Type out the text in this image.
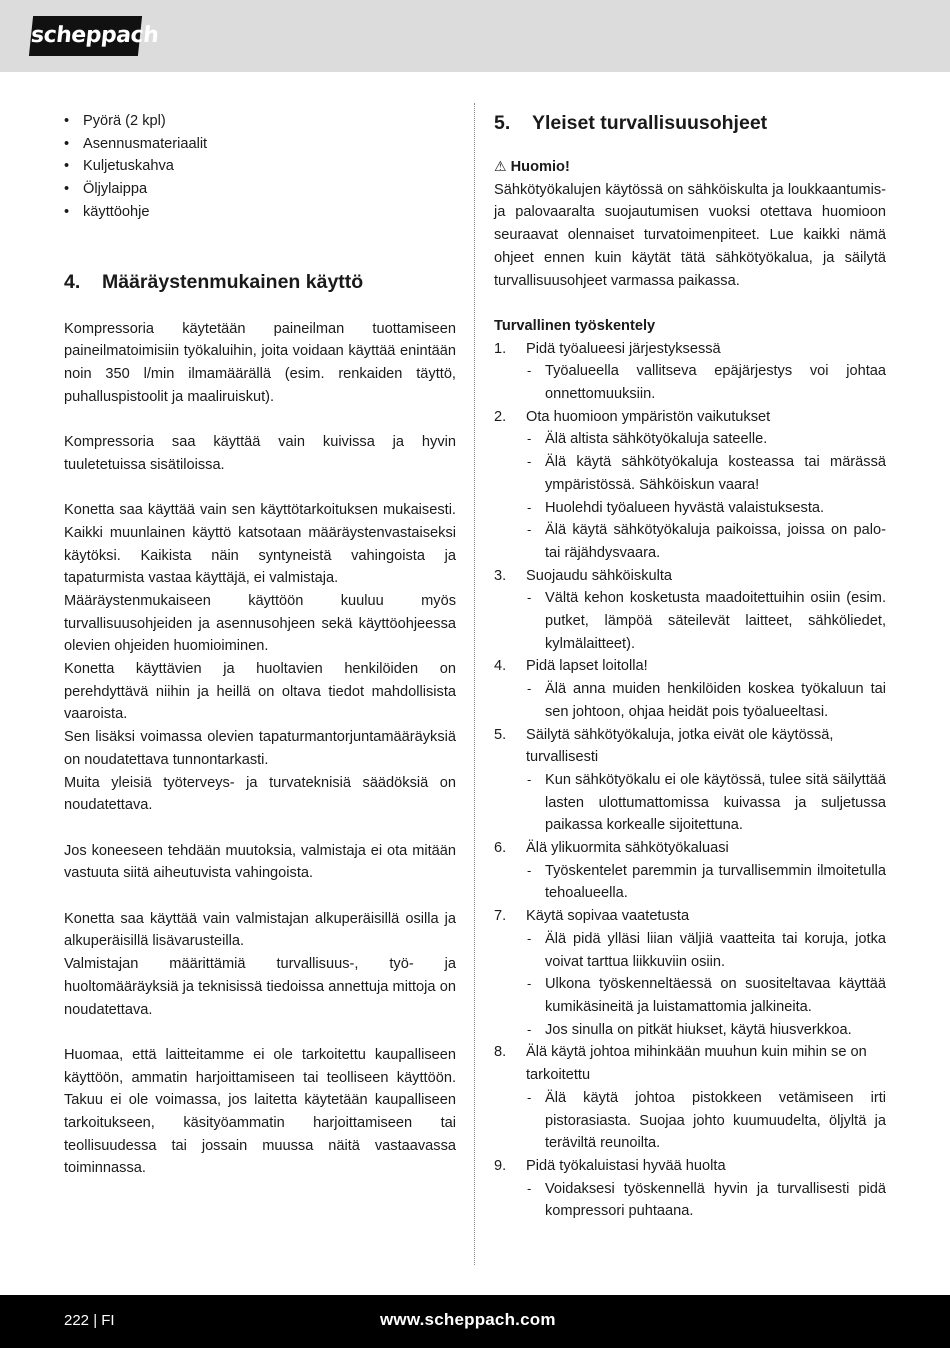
scheppach
• Pyörä (2 kpl)
• Asennusmateriaalit
• Kuljetuskahva
• Öljylaippa
• käyttöohje
4. Määräystenmukainen käyttö

Kompressoria käytetään paineilman tuottamiseen paineilmatoimisiin työkaluihin, joita voidaan käyttää enintään noin 350 l/min ilmamäärällä (esim. renkaiden täyttö, puhalluspistoolit ja maaliruiskut).

Kompressoria saa käyttää vain kuivissa ja hyvin tuuletetuissa sisätiloissa.

Konetta saa käyttää vain sen käyttötarkoituksen mukaisesti. Kaikki muunlainen käyttö katsotaan määräystenvastaiseksi käytöksi. Kaikista näin syntyneistä vahingoista ja tapaturmista vastaa käyttäjä, ei valmistaja.

Määräystenmukaiseen käyttöön kuuluu myös turvallisuusohjeiden ja asennusohjeen sekä käyttöohjeessa olevien ohjeiden huomioiminen.

Konetta käyttävien ja huoltavien henkilöiden on perehdyttävä niihin ja heillä on oltava tiedot mahdollisista vaaroista.

Sen lisäksi voimassa olevien tapaturmantorjuntamääräyksiä on noudatettava tunnontarkasti.

Muita yleisiä työterveys- ja turvateknisiä säädöksiä on noudatettava.

Jos koneeseen tehdään muutoksia, valmistaja ei ota mitään vastuuta siitä aiheutuvista vahingoista.

Konetta saa käyttää vain valmistajan alkuperäisillä osilla ja alkuperäisillä lisävarusteilla.

Valmistajan määrittämiä turvallisuus-, työ- ja huoltomääräyksiä ja teknisissä tiedoissa annettuja mittoja on noudatettava.

Huomaa, että laitteitamme ei ole tarkoitettu kaupalliseen käyttöön, ammatin harjoittamiseen tai teolliseen käyttöön. Takuu ei ole voimassa, jos laitetta käytetään kaupalliseen tarkoitukseen, käsityöammatin harjoittamiseen tai teollisuudessa tai jossain muussa näitä vastaavassa toiminnassa.

5. Yleiset turvallisuusohjeet
⚠ Huomio!

Sähkötyökalujen käytössä on sähköiskulta ja loukkaantumis- ja palovaaralta suojautumisen vuoksi otettava huomioon seuraavat olennaiset turvatoimenpiteet. Lue kaikki nämä ohjeet ennen kuin käytät tätä sähkötyökalua, ja säilytä turvallisuusohjeet varmassa paikassa.

Turvallinen työskentely
1. Pidä työalueesi järjestyksessä
- Työalueella vallitseva epäjärjestys voi johtaa onnettomuuksiin.
2. Ota huomioon ympäristön vaikutukset
- Älä altista sähkötyökaluja sateelle.
- Älä käytä sähkötyökaluja kosteassa tai märässä ympäristössä. Sähköiskun vaara!
- Huolehdi työalueen hyvästä valaistuksesta.
- Älä käytä sähkötyökaluja paikoissa, joissa on palo- tai räjähdysvaara.
3. Suojaudu sähköiskulta
- Vältä kehon kosketusta maadoitettuihin osiin (esim. putket, lämpöä säteilevät laitteet, sähköliedet, kylmälaitteet).
4. Pidä lapset loitolla!
- Älä anna muiden henkilöiden koskea työkaluun tai sen johtoon, ohjaa heidät pois työalueeltasi.
5. Säilytä sähkötyökaluja, jotka eivät ole käytössä, turvallisesti
- Kun sähkötyökalu ei ole käytössä, tulee sitä säilyttää lasten ulottumattomissa kuivassa ja suljetussa paikassa korkealle sijoitettuna.
6. Älä ylikuormita sähkötyökaluasi
- Työskentelet paremmin ja turvallisemmin ilmoitetulla tehoalueella.
7. Käytä sopivaa vaatetusta
- Älä pidä ylläsi liian väljiä vaatteita tai koruja, jotka voivat tarttua liikkuviin osiin.
- Ulkona työskenneltäessä on suositeltavaa käyttää kumikäsineitä ja luistamattomia jalkineita.
- Jos sinulla on pitkät hiukset, käytä hiusverkkoa.
8. Älä käytä johtoa mihinkään muuhun kuin mihin se on tarkoitettu
- Älä käytä johtoa pistokkeen vetämiseen irti pistorasiasta. Suojaa johto kuumuudelta, öljyltä ja teräviltä reunoilta.
9. Pidä työkaluistasi hyvää huolta
- Voidaksesi työskennellä hyvin ja turvallisesti pidä kompressori puhtaana.
222 | FI	www.scheppach.com
